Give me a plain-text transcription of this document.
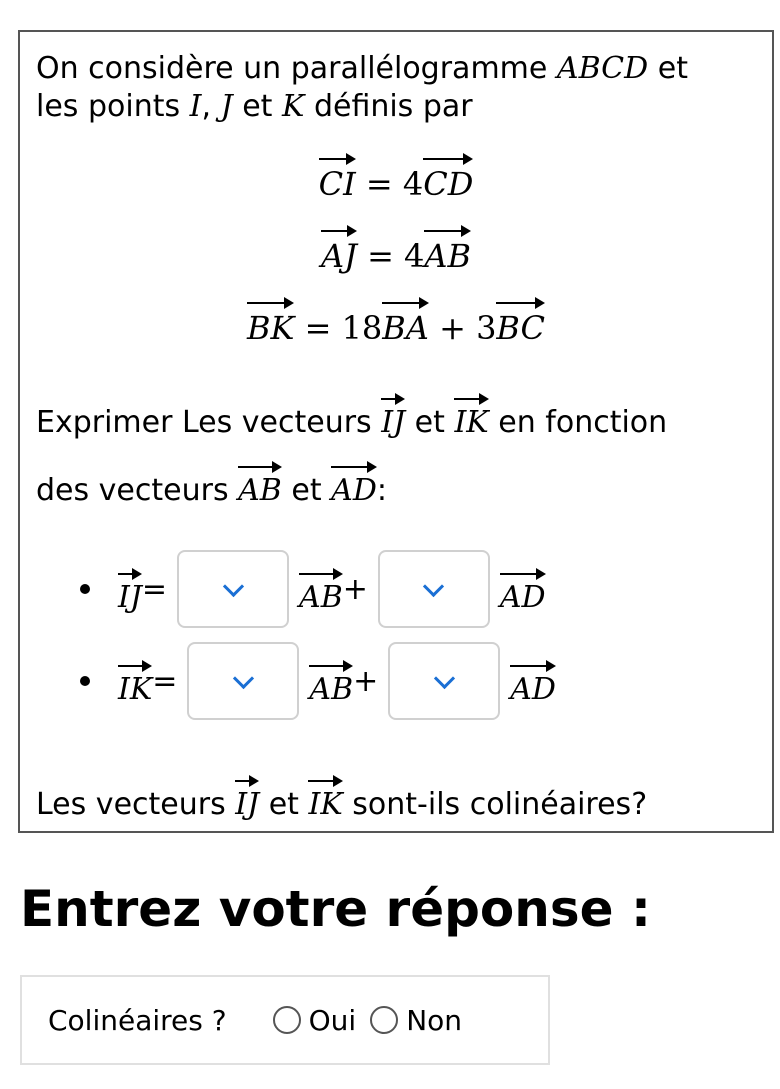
On considère un parallélogramme ABCD et
les points I, J et K définis par
CI = 4CD
AJ = 4AB
BK = 18BA + 3BC
Exprimer Les vecteurs IJ et IK en fonction
des vecteurs AB et AD:
IJ =	AB +	AD
IK =	AB +	AD
Les vecteurs IJ et IK sont-ils colinéaires?
Entrez votre réponse :
Colinéaires ?	Oui Non
